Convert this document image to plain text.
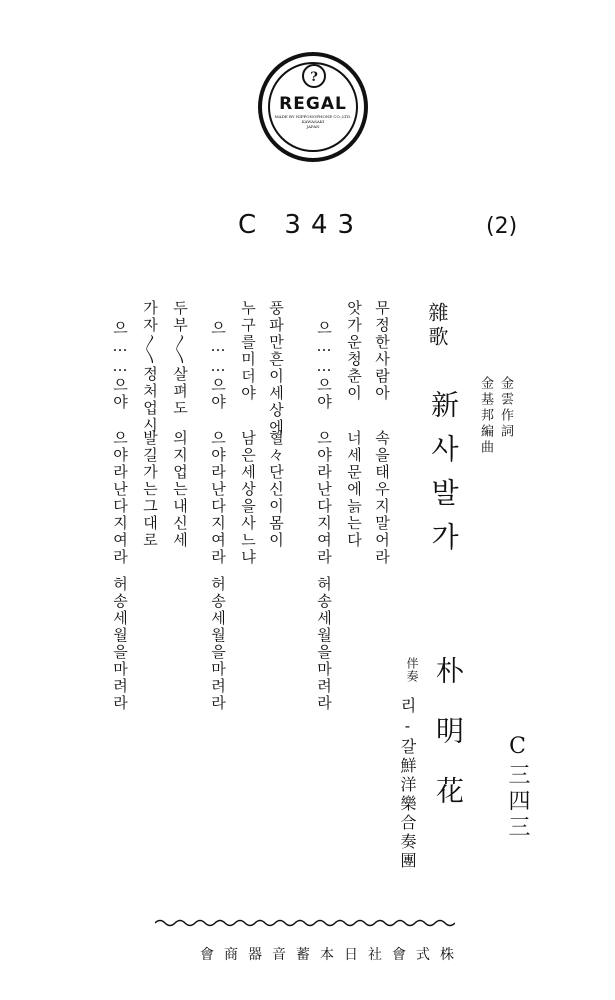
?
REGAL
MADE BY NIPPONOPHONE CO.,LTD.
KAWASAKI
JAPAN
C 343	(2)
雜歌
金雲作詞
金基邦編曲
新사발가
朴明花
伴奏
리-갈鮮洋樂合奏團	C三四三
무정한사람아
속을태우지말어라
앗가운청춘이
너세문에늙는다
으……으야
으야라난다지여라
허송세월을마려라
풍파만흔이세상에
혈々단신이몸이
누구를미더야
남은세상을사느냐
으……으야
으야라난다지여라
허송세월을마려라
두부〱살펴도
의지업는내신세
가자〱정처업시
발길가는그대로
으……으야
으야라난다지여라
허송세월을마려라
株式會社日本蓄音器商會
